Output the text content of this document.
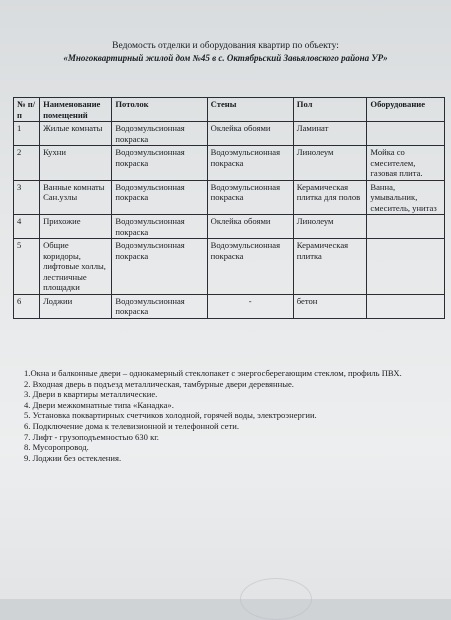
Ведомость отделки и оборудования квартир по объекту:
«Многоквартирный жилой дом №45 в с. Октябрьский Завьяловского района УР»
№ п/п	Наименование помещений	Потолок	Стены	Пол	Оборудование
1	Жилые комнаты	Водоэмульсионная покраска	Оклейка обоями	Ламинат	
2	Кухни	Водоэмульсионная покраска	Водоэмульсионная покраска	Линолеум	Мойка со смесителем, газовая плита.
3	Ванные комнаты Сан.узлы	Водоэмульсионная покраска	Водоэмульсионная покраска	Керамическая плитка для полов	Ванна, умывальник, смеситель, унитаз
4	Прихожие	Водоэмульсионная покраска	Оклейка обоями	Линолеум	
5	Общие коридоры, лифтовые холлы, лестничные площадки	Водоэмульсионная покраска	Водоэмульсионная покраска	Керамическая плитка	
6	Лоджии	Водоэмульсионная покраска	-	бетон	
1.Окна и балконные двери – однокамерный стеклопакет с энергосберегающим стеклом, профиль ПВХ.
2. Входная дверь в подъезд металлическая, тамбурные двери деревянные.
3. Двери в квартиры металлические.
4. Двери межкомнатные типа «Канадка».
5. Установка поквартирных счетчиков холодной, горячей воды, электроэнергии.
6. Подключение дома к телевизионной и телефонной сети.
7. Лифт - грузоподъемностью 630 кг.
8. Мусоропровод.
9. Лоджии без остекления.
